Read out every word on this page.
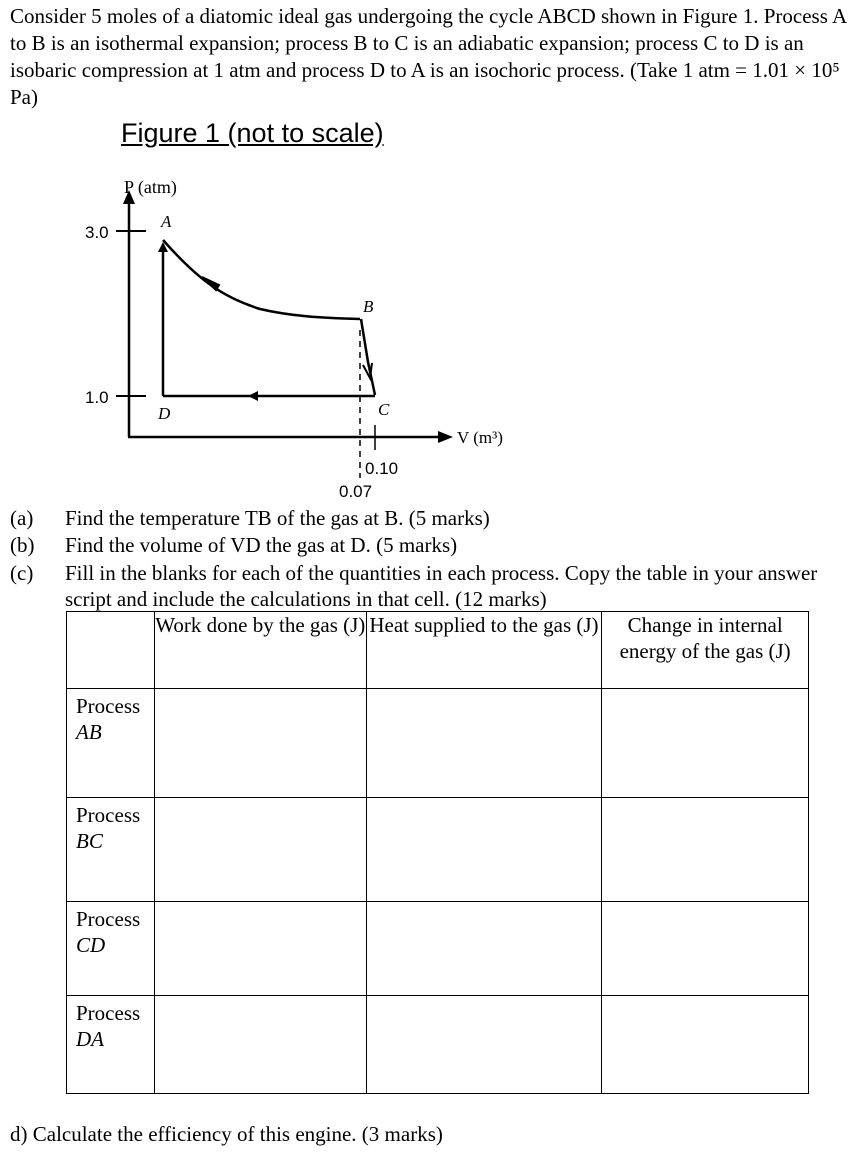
Consider 5 moles of a diatomic ideal gas undergoing the cycle ABCD shown in Figure 1. Process A to B is an isothermal expansion; process B to C is an adiabatic expansion; process C to D is an isobaric compression at 1 atm and process D to A is an isochoric process. (Take 1 atm = 1.01 × 10⁵ Pa)
Figure 1 (not to scale)
P (atm)
V (m³)
3.0
1.0
0.10
0.07
A
B
C
D
(a) Find the temperature TB of the gas at B. (5 marks)
(b) Find the volume of VD the gas at D. (5 marks)
(c) Fill in the blanks for each of the quantities in each process. Copy the table in your answer script and include the calculations in that cell. (12 marks)
	Work done by the gas (J)	Heat supplied to the gas (J)	Change in internal energy of the gas (J)
Process
AB			
Process
BC			
Process
CD			
Process
DA			
d) Calculate the efficiency of this engine. (3 marks)
